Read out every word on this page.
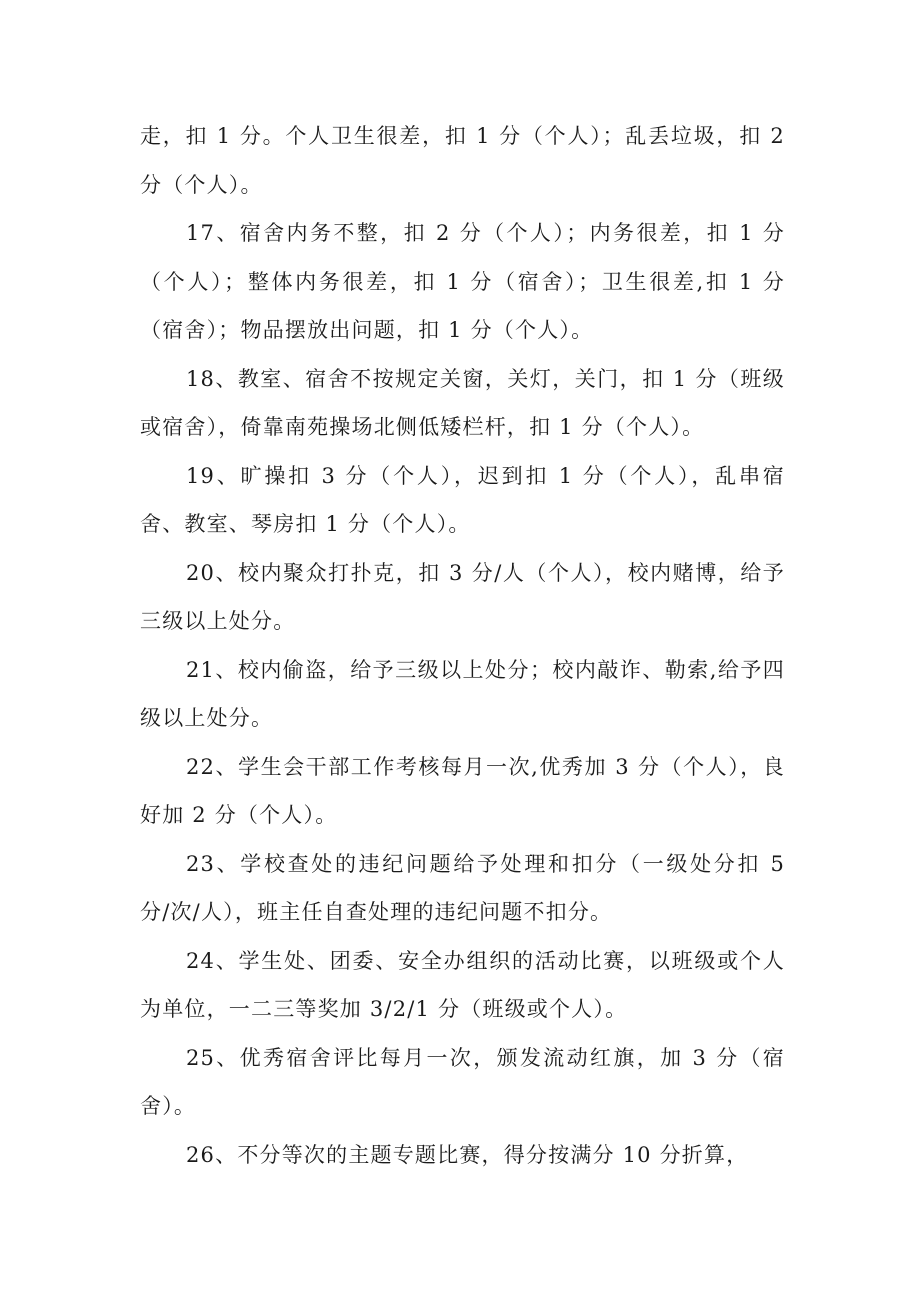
走，扣 1 分。个人卫生很差，扣 1 分（个人）；乱丢垃圾，扣 2 分（个人）。

17、宿舍内务不整，扣 2 分（个人）；内务很差，扣 1 分（个人）；整体内务很差，扣 1 分（宿舍）；卫生很差,扣 1 分（宿舍）；物品摆放出问题，扣 1 分（个人）。

18、教室、宿舍不按规定关窗，关灯，关门，扣 1 分（班级或宿舍），倚靠南苑操场北侧低矮栏杆，扣 1 分（个人）。

19、旷操扣 3 分（个人），迟到扣 1 分（个人），乱串宿舍、教室、琴房扣 1 分（个人）。

20、校内聚众打扑克，扣 3 分/人（个人），校内赌博，给予三级以上处分。

21、校内偷盗，给予三级以上处分；校内敲诈、勒索,给予四级以上处分。

22、学生会干部工作考核每月一次,优秀加 3 分（个人），良好加 2 分（个人）。

23、学校查处的违纪问题给予处理和扣分（一级处分扣 5 分/次/人），班主任自查处理的违纪问题不扣分。

24、学生处、团委、安全办组织的活动比赛，以班级或个人为单位，一二三等奖加 3/2/1 分（班级或个人）。

25、优秀宿舍评比每月一次，颁发流动红旗，加 3 分（宿舍）。

26、不分等次的主题专题比赛，得分按满分 10 分折算，
